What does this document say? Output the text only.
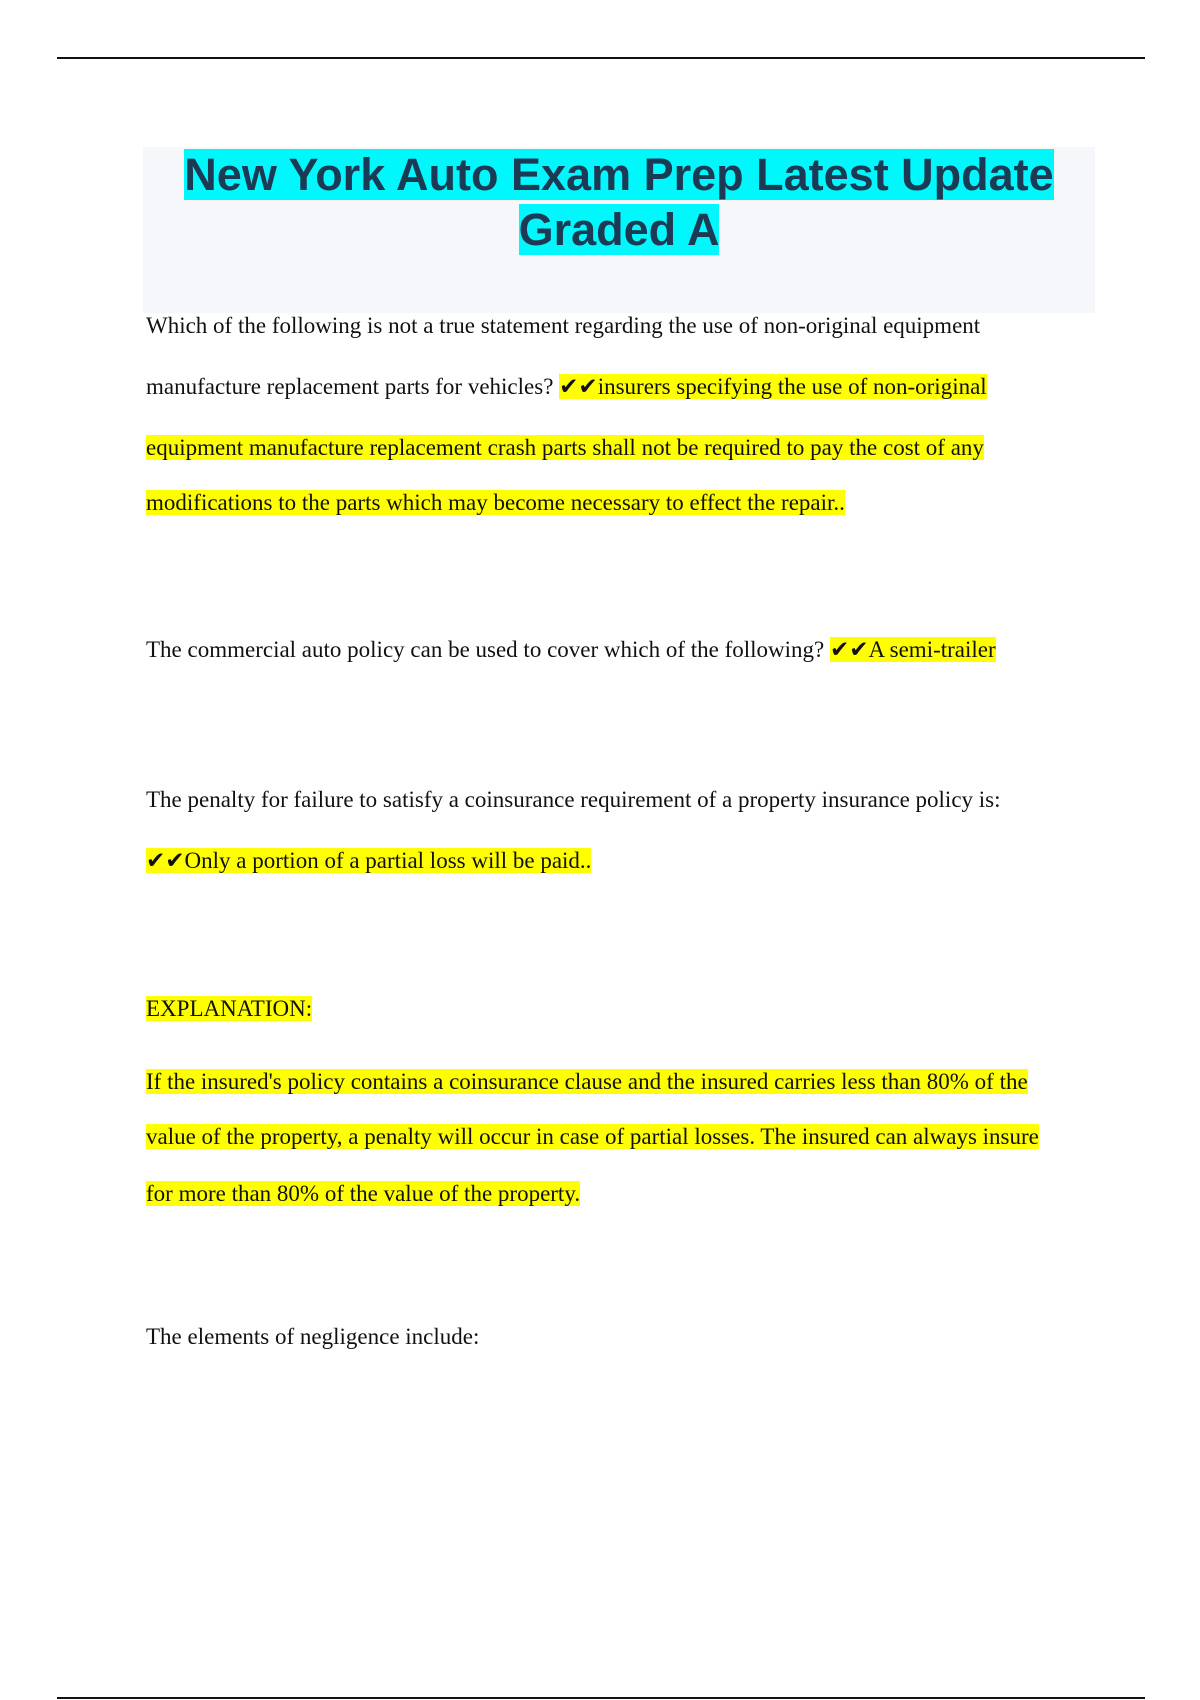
New York Auto Exam Prep Latest Update
Graded A
Which of the following is not a true statement regarding the use of non-original equipment
manufacture replacement parts for vehicles? ✔✔insurers specifying the use of non-original
equipment manufacture replacement crash parts shall not be required to pay the cost of any
modifications to the parts which may become necessary to effect the repair..
The commercial auto policy can be used to cover which of the following? ✔✔A semi-trailer
The penalty for failure to satisfy a coinsurance requirement of a property insurance policy is:
✔✔Only a portion of a partial loss will be paid..
EXPLANATION:
If the insured's policy contains a coinsurance clause and the insured carries less than 80% of the
value of the property, a penalty will occur in case of partial losses. The insured can always insure
for more than 80% of the value of the property.
The elements of negligence include:
